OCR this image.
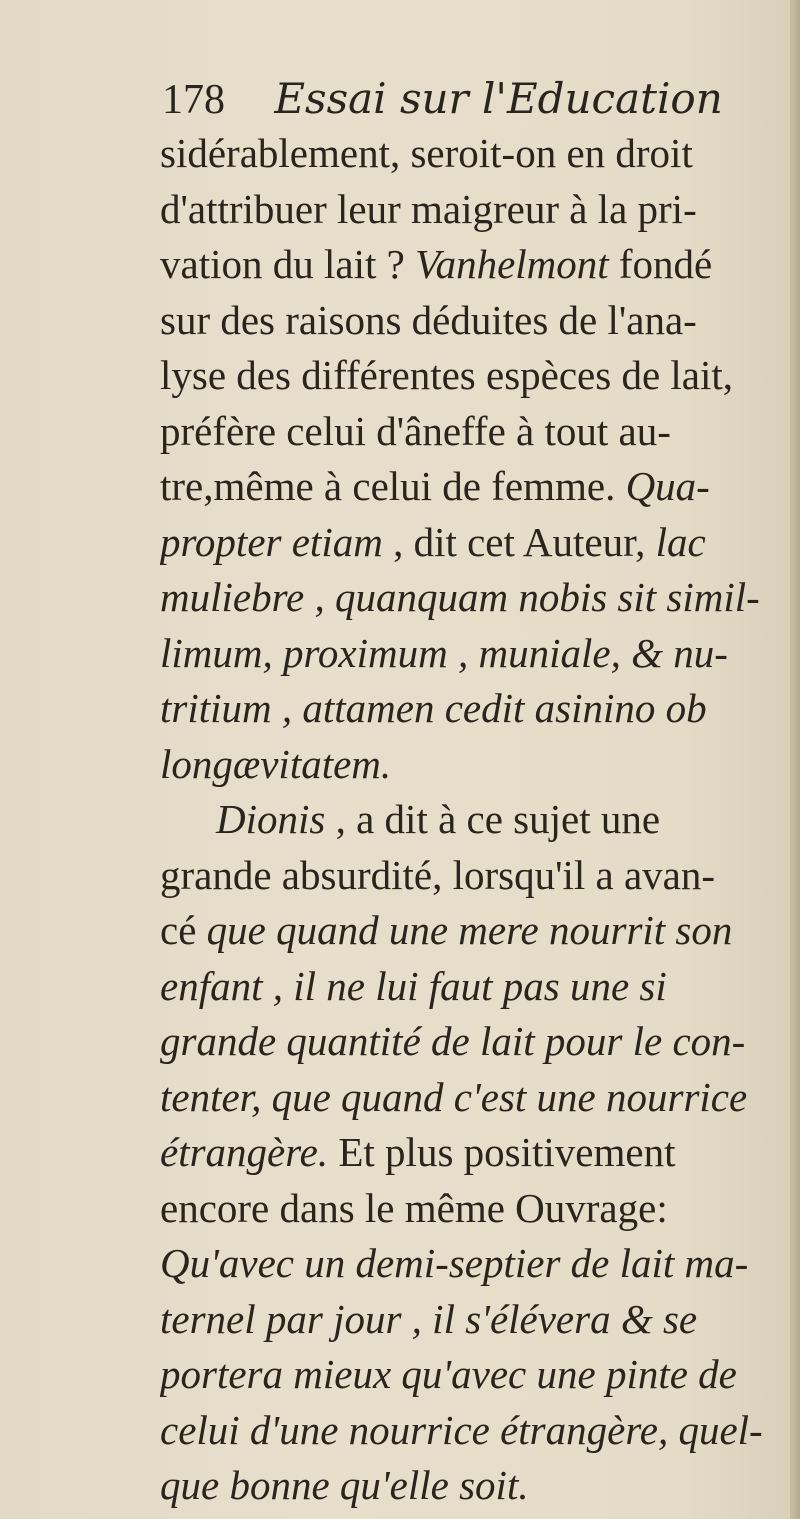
178 Essai sur l'Education
sidérablement, seroit-on en droit
d'attribuer leur maigreur à la pri-
vation du lait ? Vanhelmont fondé
sur des raisons déduites de l'ana-
lyse des différentes espèces de lait,
préfère celui d'âneffe à tout au-
tre,même à celui de femme. Qua-
propter etiam , dit cet Auteur, lac
muliebre , quanquam nobis sit simil-
limum, proximum , muniale, & nu-
tritium , attamen cedit asinino ob
longævitatem.
Dionis , a dit à ce sujet une
grande absurdité, lorsqu'il a avan-
cé que quand une mere nourrit son
enfant , il ne lui faut pas une si
grande quantité de lait pour le con-
tenter, que quand c'est une nourrice
étrangère. Et plus positivement
encore dans le même Ouvrage:
Qu'avec un demi-septier de lait ma-
ternel par jour , il s'élévera & se
portera mieux qu'avec une pinte de
celui d'une nourrice étrangère, quel-
que bonne qu'elle soit.
